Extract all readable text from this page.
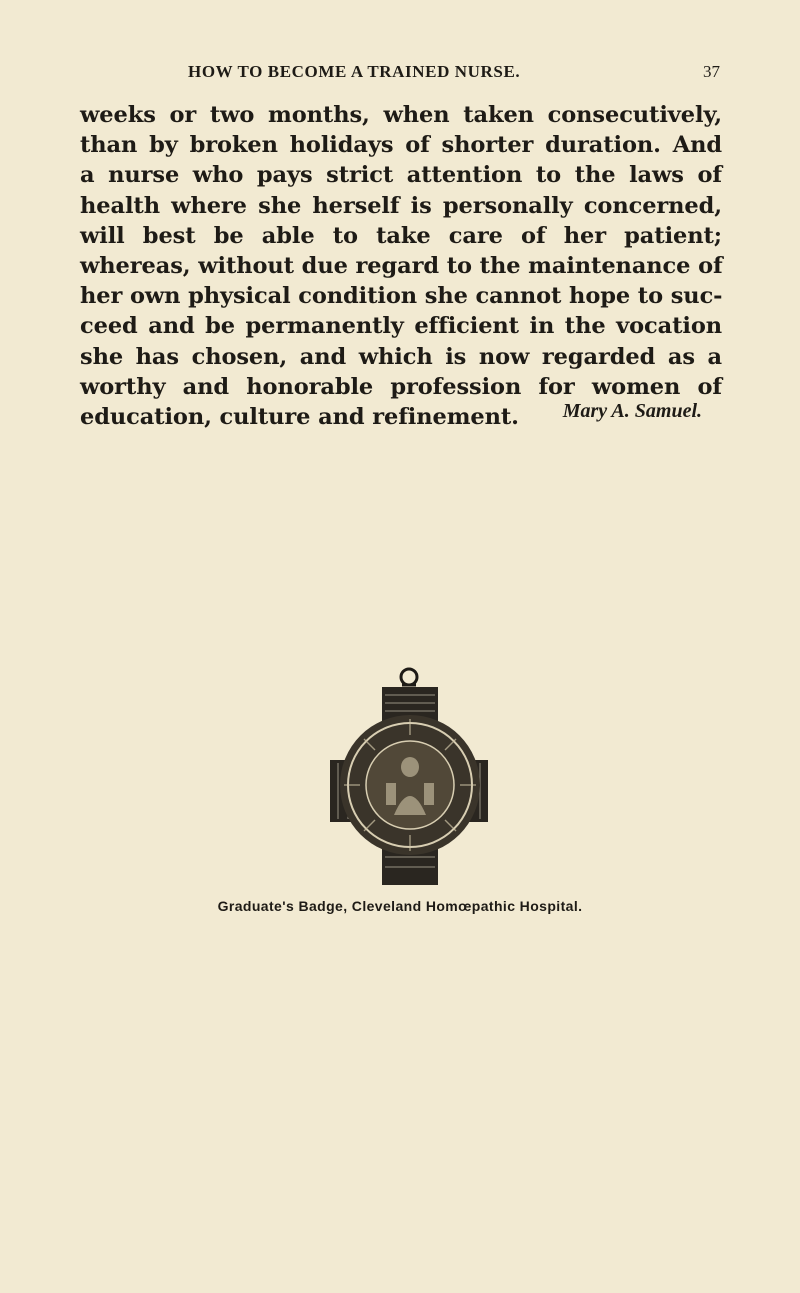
HOW TO BECOME A TRAINED NURSE.	37
weeks or two months, when taken consecutively,
than by broken holidays of shorter duration. And
a nurse who pays strict attention to the laws of
health where she herself is personally concerned,
will best be able to take care of her patient;
whereas, without due regard to the maintenance of
her own physical condition she cannot hope to suc-
ceed and be permanently efficient in the vocation
she has chosen, and which is now regarded as a
worthy and honorable profession for women of
education, culture and refinement.	Mary A. Samuel.
Graduate's Badge, Cleveland Homœpathic Hospital.
